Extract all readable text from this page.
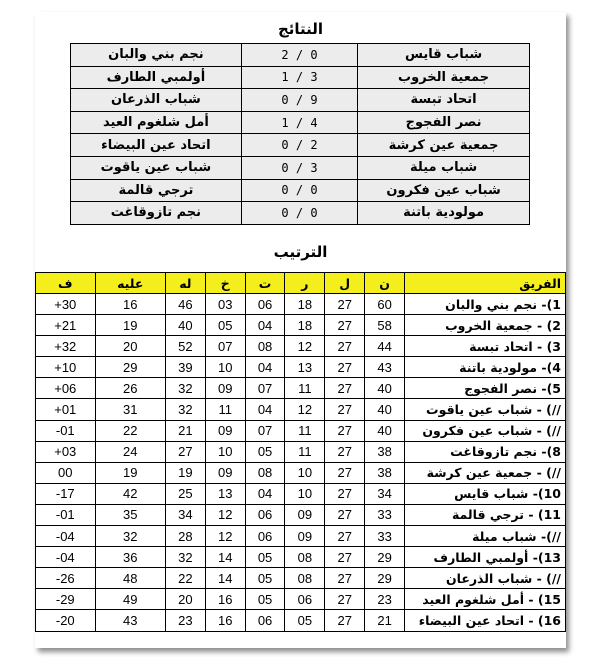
النتائج
شباب قايس	2 / 0	نجم بني والبان
جمعية الخروب	1 / 3	أولمبي الطارف
اتحاد تبسة	0 / 9	شباب الذرعان
نصر الفجوج	1 / 4	أمل شلغوم العيد
جمعية عين كرشة	0 / 2	اتحاد عين البيضاء
شباب ميلة	0 / 3	شباب عين ياقوت
شباب عين فكرون	0 / 0	ترجي قالمة
مولودية باتنة	0 / 0	نجم تازوقاغت
الترتيب
الفريق	ن	ل	ر	ت	خ	له	عليه	ف
1)- نجم بني والبان	60	27	18	06	03	46	16	+30
2) - جمعية الخروب	58	27	18	04	05	40	19	+21
3) - اتحاد تبسة	44	27	12	08	07	52	20	+32
4)- مولودية باتنة	43	27	13	04	10	39	29	+10
5)- نصر الفجوج	40	27	11	07	09	32	26	+06
//) - شباب عين ياقوت	40	27	12	04	11	32	31	+01
//) - شباب عين فكرون	40	27	11	07	09	21	22	-01
8)- نجم تازوقاغت	38	27	11	05	10	27	24	+03
//) - جمعية عين كرشة	38	27	10	08	09	19	19	00
10)- شباب قايس	34	27	10	04	13	25	42	-17
11) - ترجي قالمة	33	27	09	06	12	34	35	-01
//)- شباب ميلة	33	27	09	06	12	28	32	-04
13)- أولمبي الطارف	29	27	08	05	14	32	36	-04
//) - شباب الذرعان	29	27	08	05	14	22	48	-26
15) - أمل شلغوم العيد	23	27	06	05	16	20	49	-29
16) - اتحاد عين البيضاء	21	27	05	06	16	23	43	-20
